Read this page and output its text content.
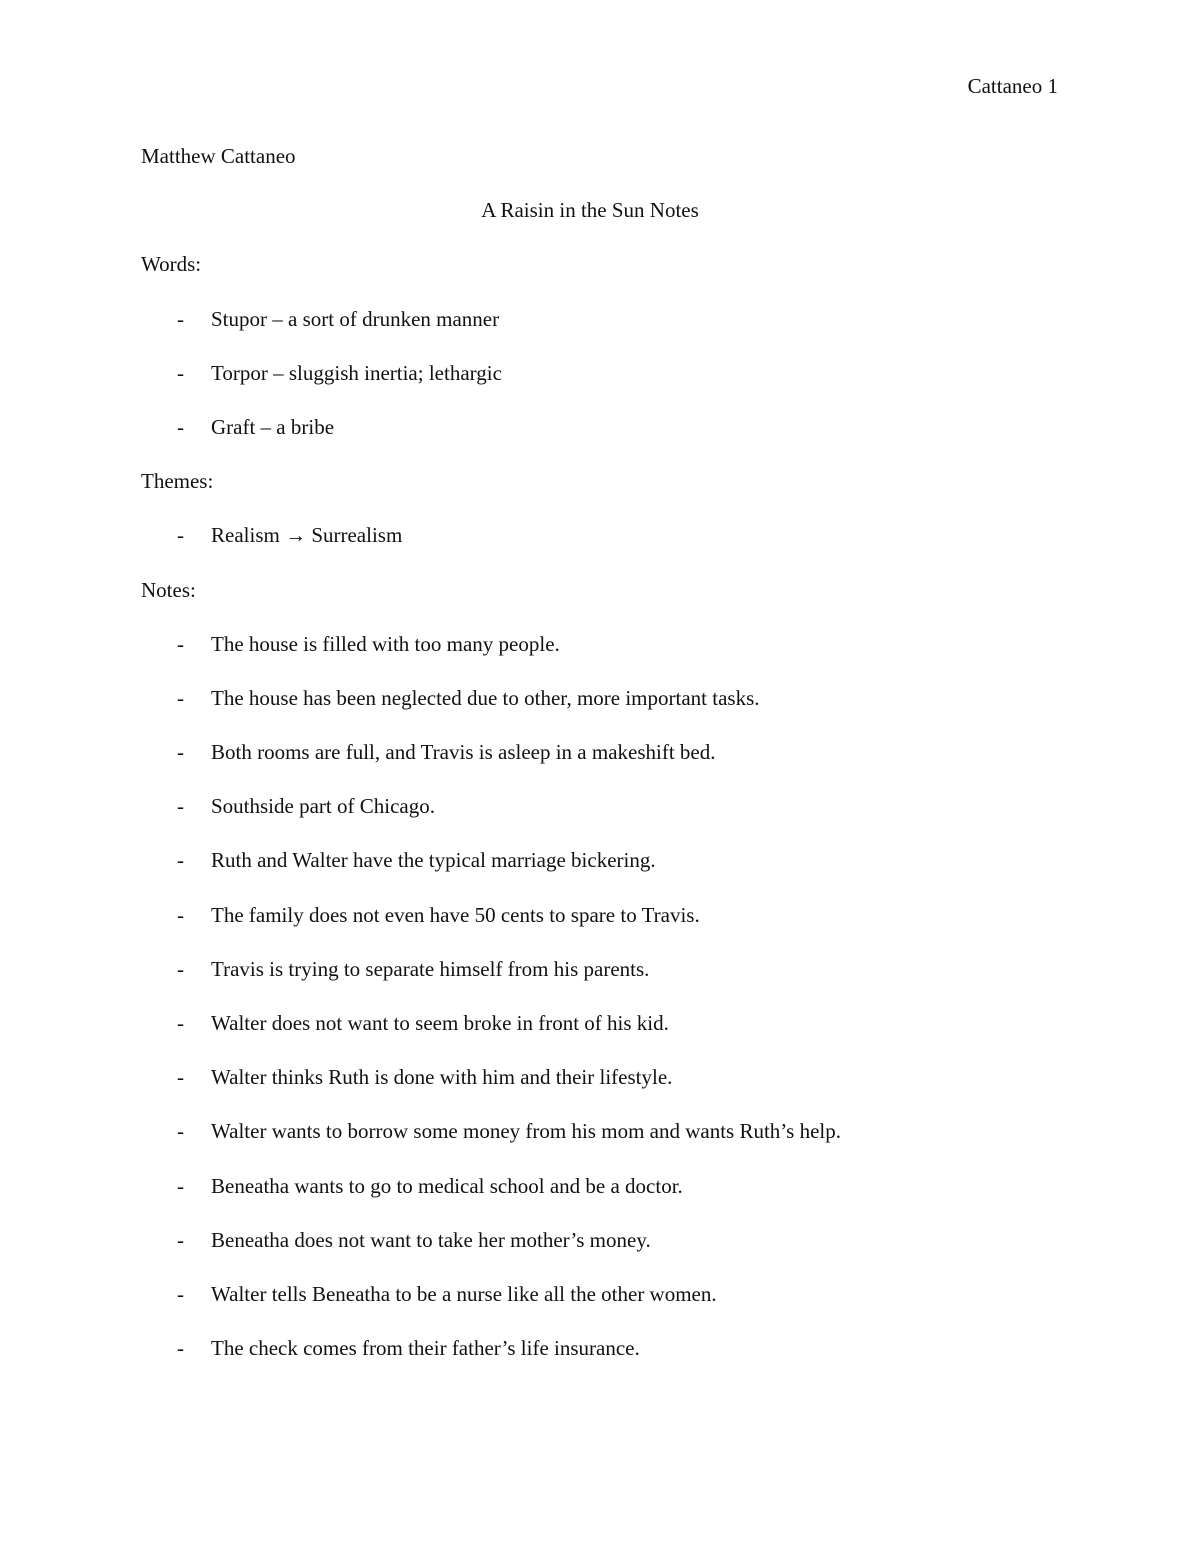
Cattaneo 1
Matthew Cattaneo
A Raisin in the Sun Notes
Words:
- Stupor – a sort of drunken manner
- Torpor – sluggish inertia; lethargic
- Graft – a bribe
Themes:
- Realism → Surrealism
Notes:
- The house is filled with too many people.
- The house has been neglected due to other, more important tasks.
- Both rooms are full, and Travis is asleep in a makeshift bed.
- Southside part of Chicago.
- Ruth and Walter have the typical marriage bickering.
- The family does not even have 50 cents to spare to Travis.
- Travis is trying to separate himself from his parents.
- Walter does not want to seem broke in front of his kid.
- Walter thinks Ruth is done with him and their lifestyle.
- Walter wants to borrow some money from his mom and wants Ruth’s help.
- Beneatha wants to go to medical school and be a doctor.
- Beneatha does not want to take her mother’s money.
- Walter tells Beneatha to be a nurse like all the other women.
- The check comes from their father’s life insurance.
